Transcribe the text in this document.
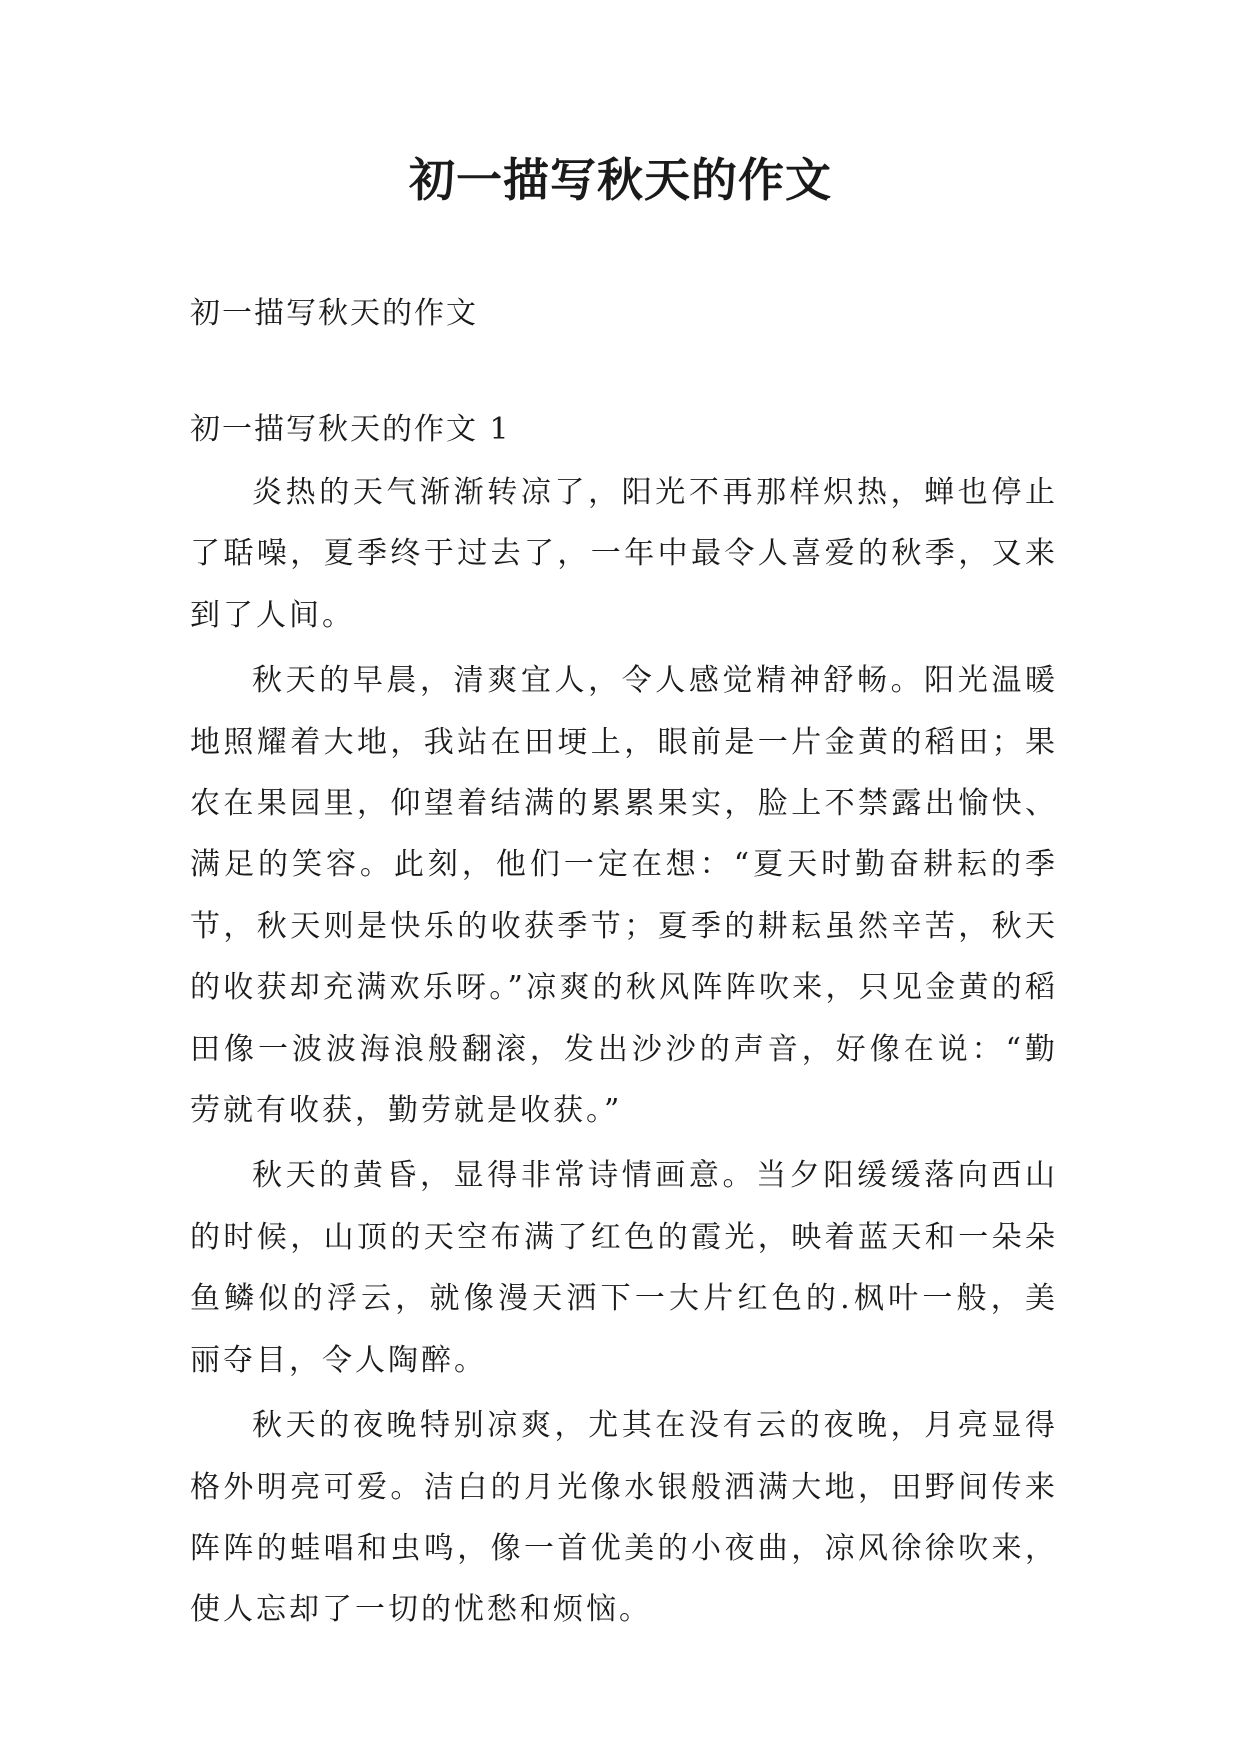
初一描写秋天的作文

初一描写秋天的作文

初一描写秋天的作文 1

炎热的天气渐渐转凉了，阳光不再那样炽热，蝉也停止了聒噪，夏季终于过去了，一年中最令人喜爱的秋季，又来到了人间。

秋天的早晨，清爽宜人，令人感觉精神舒畅。阳光温暖地照耀着大地，我站在田埂上，眼前是一片金黄的稻田；果农在果园里，仰望着结满的累累果实，脸上不禁露出愉快、满足的笑容。此刻，他们一定在想：“夏天时勤奋耕耘的季节，秋天则是快乐的收获季节；夏季的耕耘虽然辛苦，秋天的收获却充满欢乐呀。”凉爽的秋风阵阵吹来，只见金黄的稻田像一波波海浪般翻滚，发出沙沙的声音，好像在说：“勤劳就有收获，勤劳就是收获。”

秋天的黄昏，显得非常诗情画意。当夕阳缓缓落向西山的时候，山顶的天空布满了红色的霞光，映着蓝天和一朵朵鱼鳞似的浮云，就像漫天洒下一大片红色的.枫叶一般，美丽夺目，令人陶醉。

秋天的夜晚特别凉爽，尤其在没有云的夜晚，月亮显得格外明亮可爱。洁白的月光像水银般洒满大地，田野间传来阵阵的蛙唱和虫鸣，像一首优美的小夜曲，凉风徐徐吹来，使人忘却了一切的忧愁和烦恼。
